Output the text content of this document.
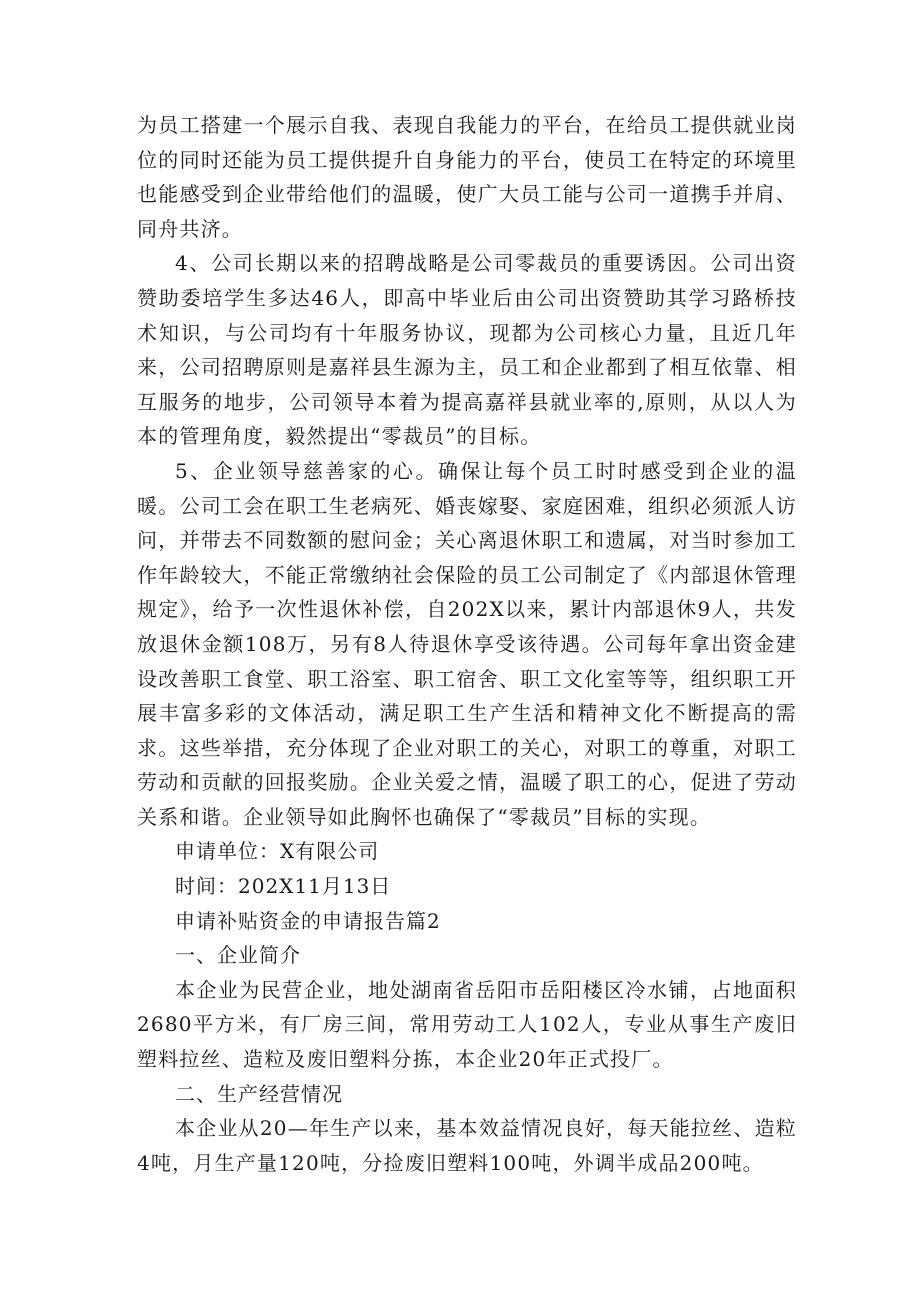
为员工搭建一个展示自我、表现自我能力的平台，在给员工提供就业岗位的同时还能为员工提供提升自身能力的平台，使员工在特定的环境里也能感受到企业带给他们的温暖，使广大员工能与公司一道携手并肩、同舟共济。

4、公司长期以来的招聘战略是公司零裁员的重要诱因。公司出资赞助委培学生多达46人，即高中毕业后由公司出资赞助其学习路桥技术知识，与公司均有十年服务协议，现都为公司核心力量，且近几年来，公司招聘原则是嘉祥县生源为主，员工和企业都到了相互依靠、相互服务的地步，公司领导本着为提高嘉祥县就业率的,原则，从以人为本的管理角度，毅然提出“零裁员”的目标。

5、企业领导慈善家的心。确保让每个员工时时感受到企业的温暖。公司工会在职工生老病死、婚丧嫁娶、家庭困难，组织必须派人访问，并带去不同数额的慰问金；关心离退休职工和遗属，对当时参加工作年龄较大，不能正常缴纳社会保险的员工公司制定了《内部退休管理规定》，给予一次性退休补偿，自202X以来，累计内部退休9人，共发放退休金额108万，另有8人待退休享受该待遇。公司每年拿出资金建设改善职工食堂、职工浴室、职工宿舍、职工文化室等等，组织职工开展丰富多彩的文体活动，满足职工生产生活和精神文化不断提高的需求。这些举措，充分体现了企业对职工的关心，对职工的尊重，对职工劳动和贡献的回报奖励。企业关爱之情，温暖了职工的心，促进了劳动关系和谐。企业领导如此胸怀也确保了“零裁员”目标的实现。

申请单位：X有限公司

时间：202X11月13日

申请补贴资金的申请报告篇2

一、企业简介

本企业为民营企业，地处湖南省岳阳市岳阳楼区冷水铺，占地面积2680平方米，有厂房三间，常用劳动工人102人，专业从事生产废旧塑料拉丝、造粒及废旧塑料分拣，本企业20年正式投厂。

二、生产经营情况

本企业从20—年生产以来，基本效益情况良好，每天能拉丝、造粒4吨，月生产量120吨，分捡废旧塑料100吨，外调半成品200吨。
